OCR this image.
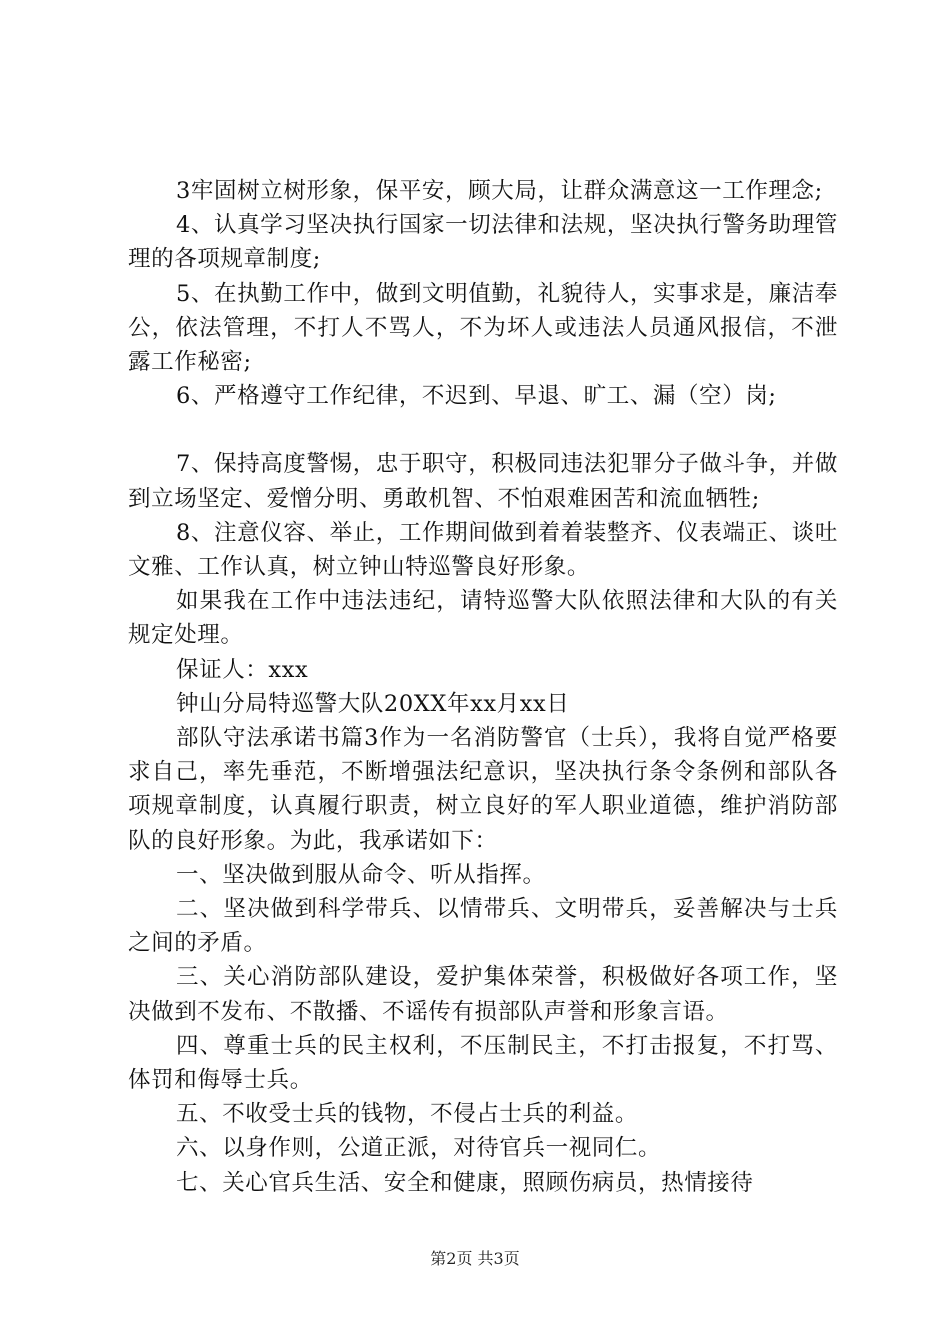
3牢固树立树形象，保平安，顾大局，让群众满意这一工作理念;

4、认真学习坚决执行国家一切法律和法规，坚决执行警务助理管理的各项规章制度;

5、在执勤工作中，做到文明值勤，礼貌待人，实事求是，廉洁奉公，依法管理，不打人不骂人，不为坏人或违法人员通风报信，不泄露工作秘密;

6、严格遵守工作纪律，不迟到、早退、旷工、漏（空）岗;

7、保持高度警惕，忠于职守，积极同违法犯罪分子做斗争，并做到立场坚定、爱憎分明、勇敢机智、不怕艰难困苦和流血牺牲;

8、注意仪容、举止，工作期间做到着着装整齐、仪表端正、谈吐文雅、工作认真，树立钟山特巡警良好形象。

如果我在工作中违法违纪，请特巡警大队依照法律和大队的有关规定处理。

保证人：xxx

钟山分局特巡警大队20XX年xx月xx日

部队守法承诺书篇3作为一名消防警官（士兵），我将自觉严格要求自己，率先垂范，不断增强法纪意识，坚决执行条令条例和部队各项规章制度，认真履行职责，树立良好的军人职业道德，维护消防部队的良好形象。为此，我承诺如下：

一、坚决做到服从命令、听从指挥。

二、坚决做到科学带兵、以情带兵、文明带兵，妥善解决与士兵之间的矛盾。

三、关心消防部队建设，爱护集体荣誉，积极做好各项工作，坚决做到不发布、不散播、不谣传有损部队声誉和形象言语。

四、尊重士兵的民主权利，不压制民主，不打击报复，不打骂、体罚和侮辱士兵。

五、不收受士兵的钱物，不侵占士兵的利益。

六、以身作则，公道正派，对待官兵一视同仁。

七、关心官兵生活、安全和健康，照顾伤病员，热情接待

第2页 共3页
